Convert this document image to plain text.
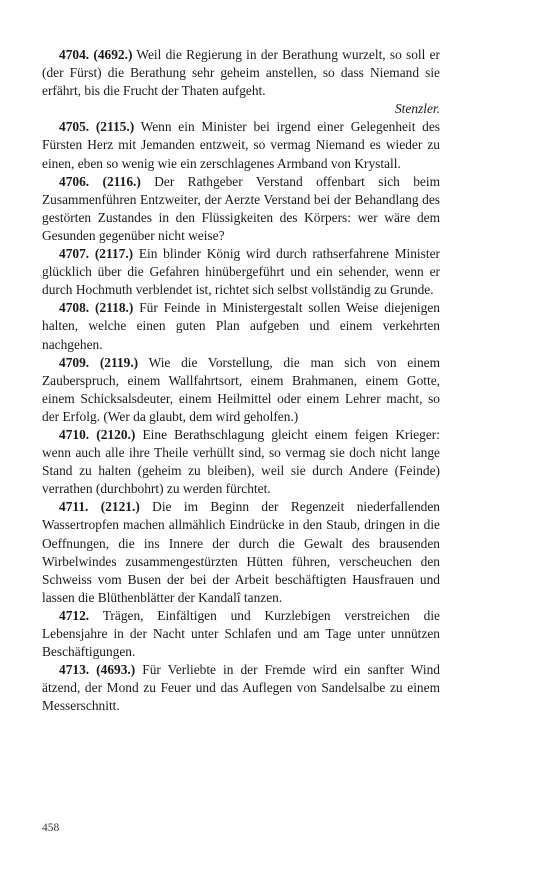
4704. (4692.) Weil die Regierung in der Berathung wurzelt, so soll er (der Fürst) die Berathung sehr geheim anstellen, so dass Niemand sie erfährt, bis die Frucht der Thaten aufgeht.

Stenzler.

4705. (2115.) Wenn ein Minister bei irgend einer Gelegenheit des Fürsten Herz mit Jemanden entzweit, so vermag Niemand es wieder zu einen, eben so wenig wie ein zerschlagenes Armband von Krystall.

4706. (2116.) Der Rathgeber Verstand offenbart sich beim Zusammenführen Entzweiter, der Aerzte Verstand bei der Behandlang des gestörten Zustandes in den Flüssigkeiten des Körpers: wer wäre dem Gesunden gegenüber nicht weise?

4707. (2117.) Ein blinder König wird durch rathserfahrene Minister glücklich über die Gefahren hinübergeführt und ein sehender, wenn er durch Hochmuth verblendet ist, richtet sich selbst vollständig zu Grunde.

4708. (2118.) Für Feinde in Ministergestalt sollen Weise diejenigen halten, welche einen guten Plan aufgeben und einem verkehrten nachgehen.

4709. (2119.) Wie die Vorstellung, die man sich von einem Zauberspruch, einem Wallfahrtsort, einem Brahmanen, einem Gotte, einem Schicksalsdeuter, einem Heilmittel oder einem Lehrer macht, so der Erfolg. (Wer da glaubt, dem wird geholfen.)

4710. (2120.) Eine Berathschlagung gleicht einem feigen Krieger: wenn auch alle ihre Theile verhüllt sind, so vermag sie doch nicht lange Stand zu halten (geheim zu bleiben), weil sie durch Andere (Feinde) verrathen (durchbohrt) zu werden fürchtet.

4711. (2121.) Die im Beginn der Regenzeit niederfallenden Wassertropfen machen allmählich Eindrücke in den Staub, dringen in die Oeffnungen, die ins Innere der durch die Gewalt des brausenden Wirbelwindes zusammengestürzten Hütten führen, verscheuchen den Schweiss vom Busen der bei der Arbeit beschäftigten Hausfrauen und lassen die Blüthenblätter der Kandalî tanzen.

4712. Trägen, Einfältigen und Kurzlebigen verstreichen die Lebensjahre in der Nacht unter Schlafen und am Tage unter unnützen Beschäftigungen.

4713. (4693.) Für Verliebte in der Fremde wird ein sanfter Wind ätzend, der Mond zu Feuer und das Auflegen von Sandelsalbe zu einem Messerschnitt.

458
